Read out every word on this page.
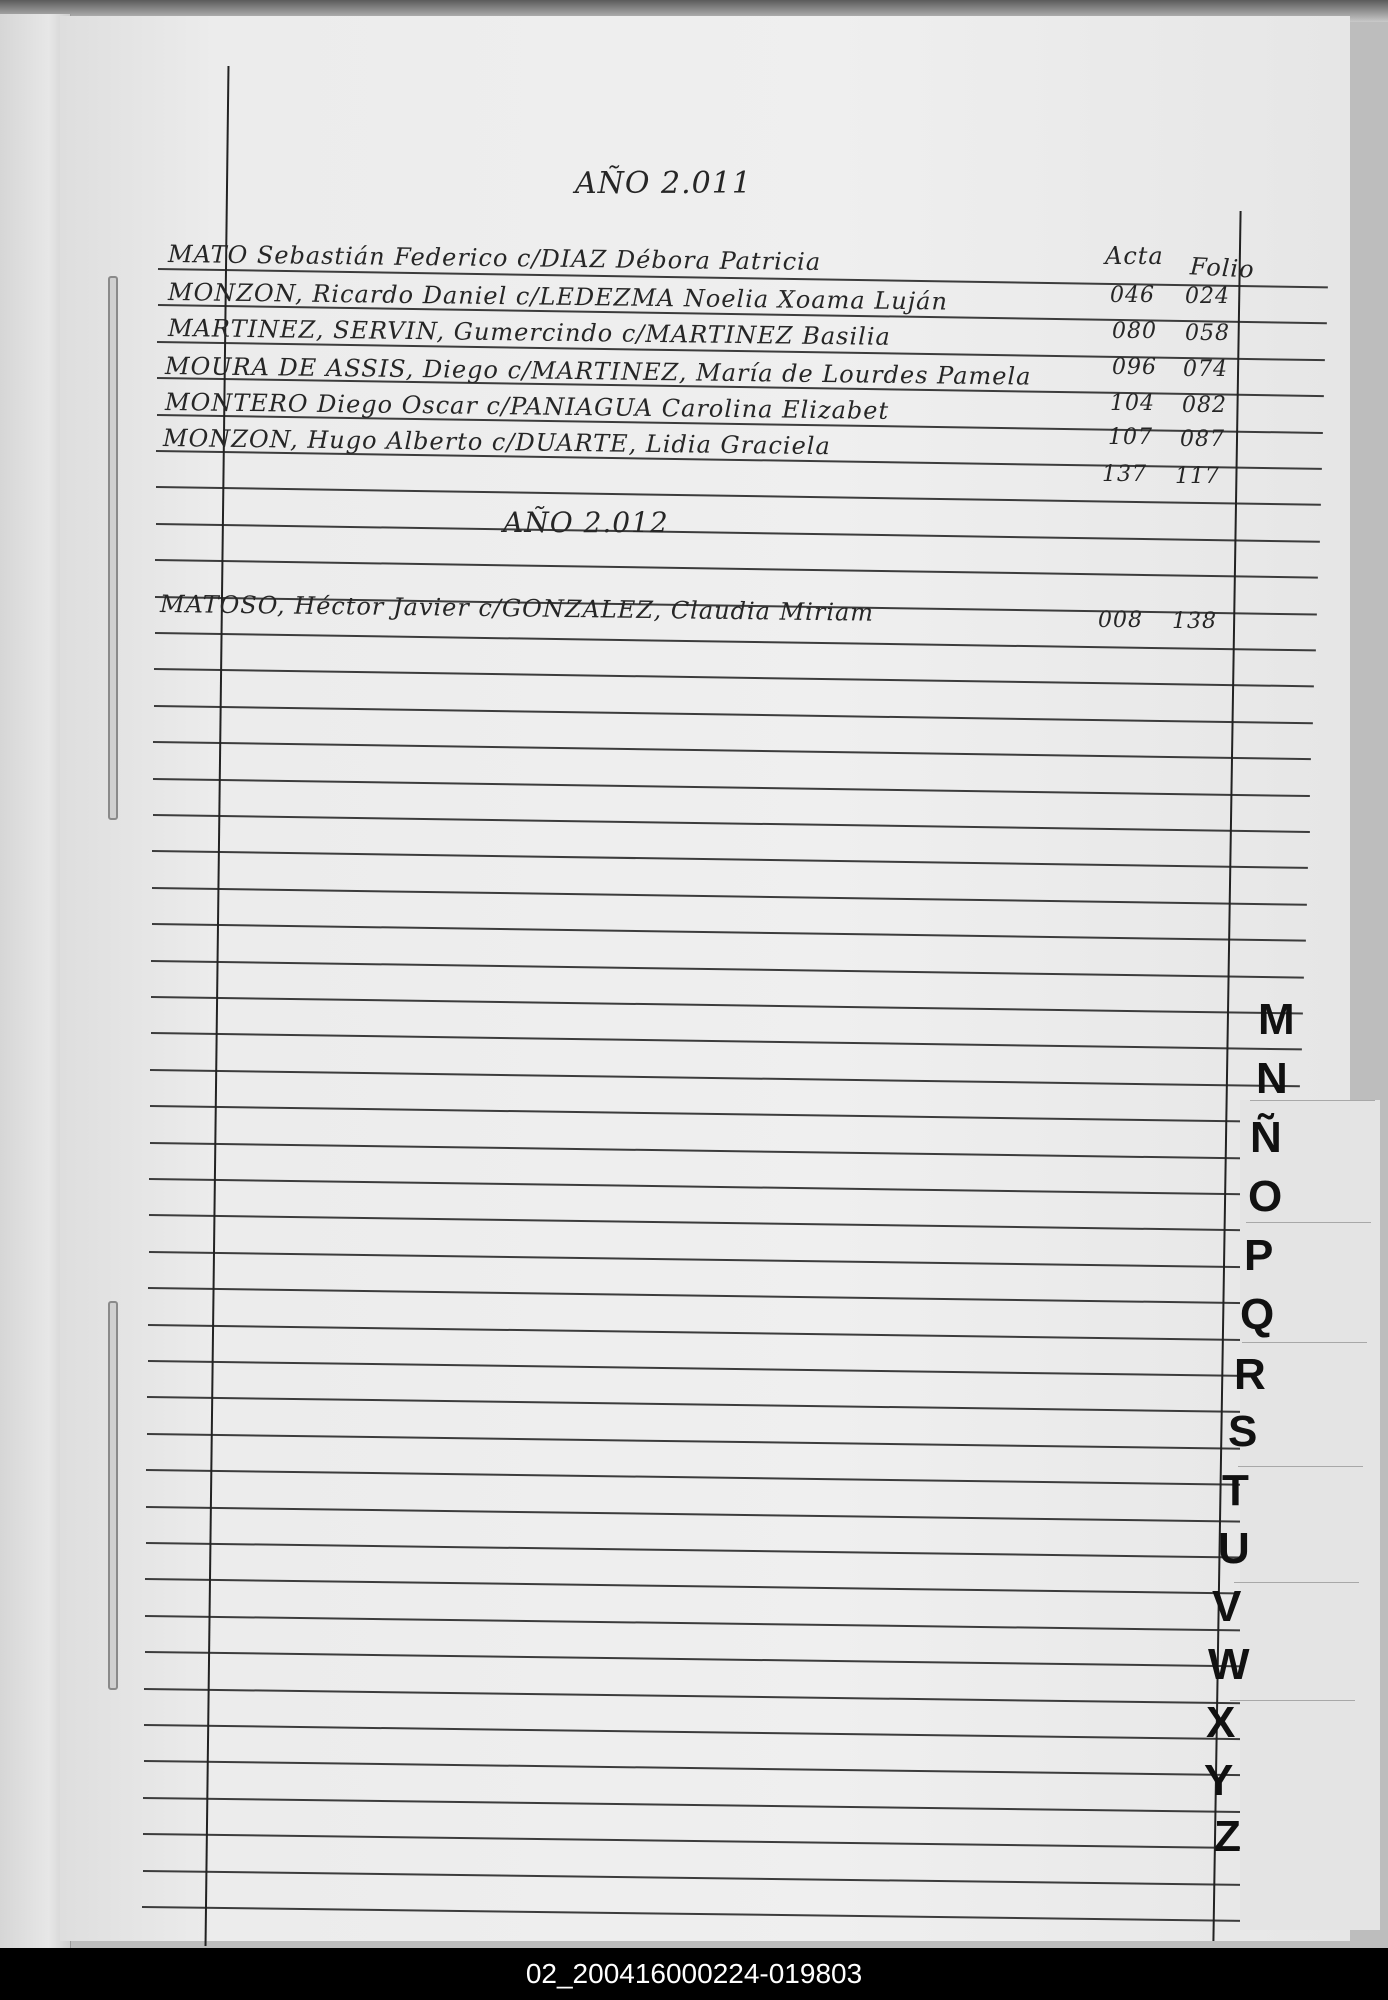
AÑO 2.011
Acta Folio
MATO Sebastián Federico c/DIAZ Débora Patricia
MONZON, Ricardo Daniel c/LEDEZMA Noelia Xoama Luján
MARTINEZ, SERVIN, Gumercindo c/MARTINEZ Basilia
MOURA DE ASSIS, Diego c/MARTINEZ, María de Lourdes Pamela
MONTERO Diego Oscar c/PANIAGUA Carolina Elizabet
MONZON, Hugo Alberto c/DUARTE, Lidia Graciela
046 024
080 058
096 074
104 082
107 087
137 117
AÑO 2.012
MATOSO, Héctor Javier c/GONZALEZ, Claudia Miriam	008 138
M
N
Ñ
O
P
Q
R
S
T
U
V
W
X
Y
Z
02_200416000224-019803
